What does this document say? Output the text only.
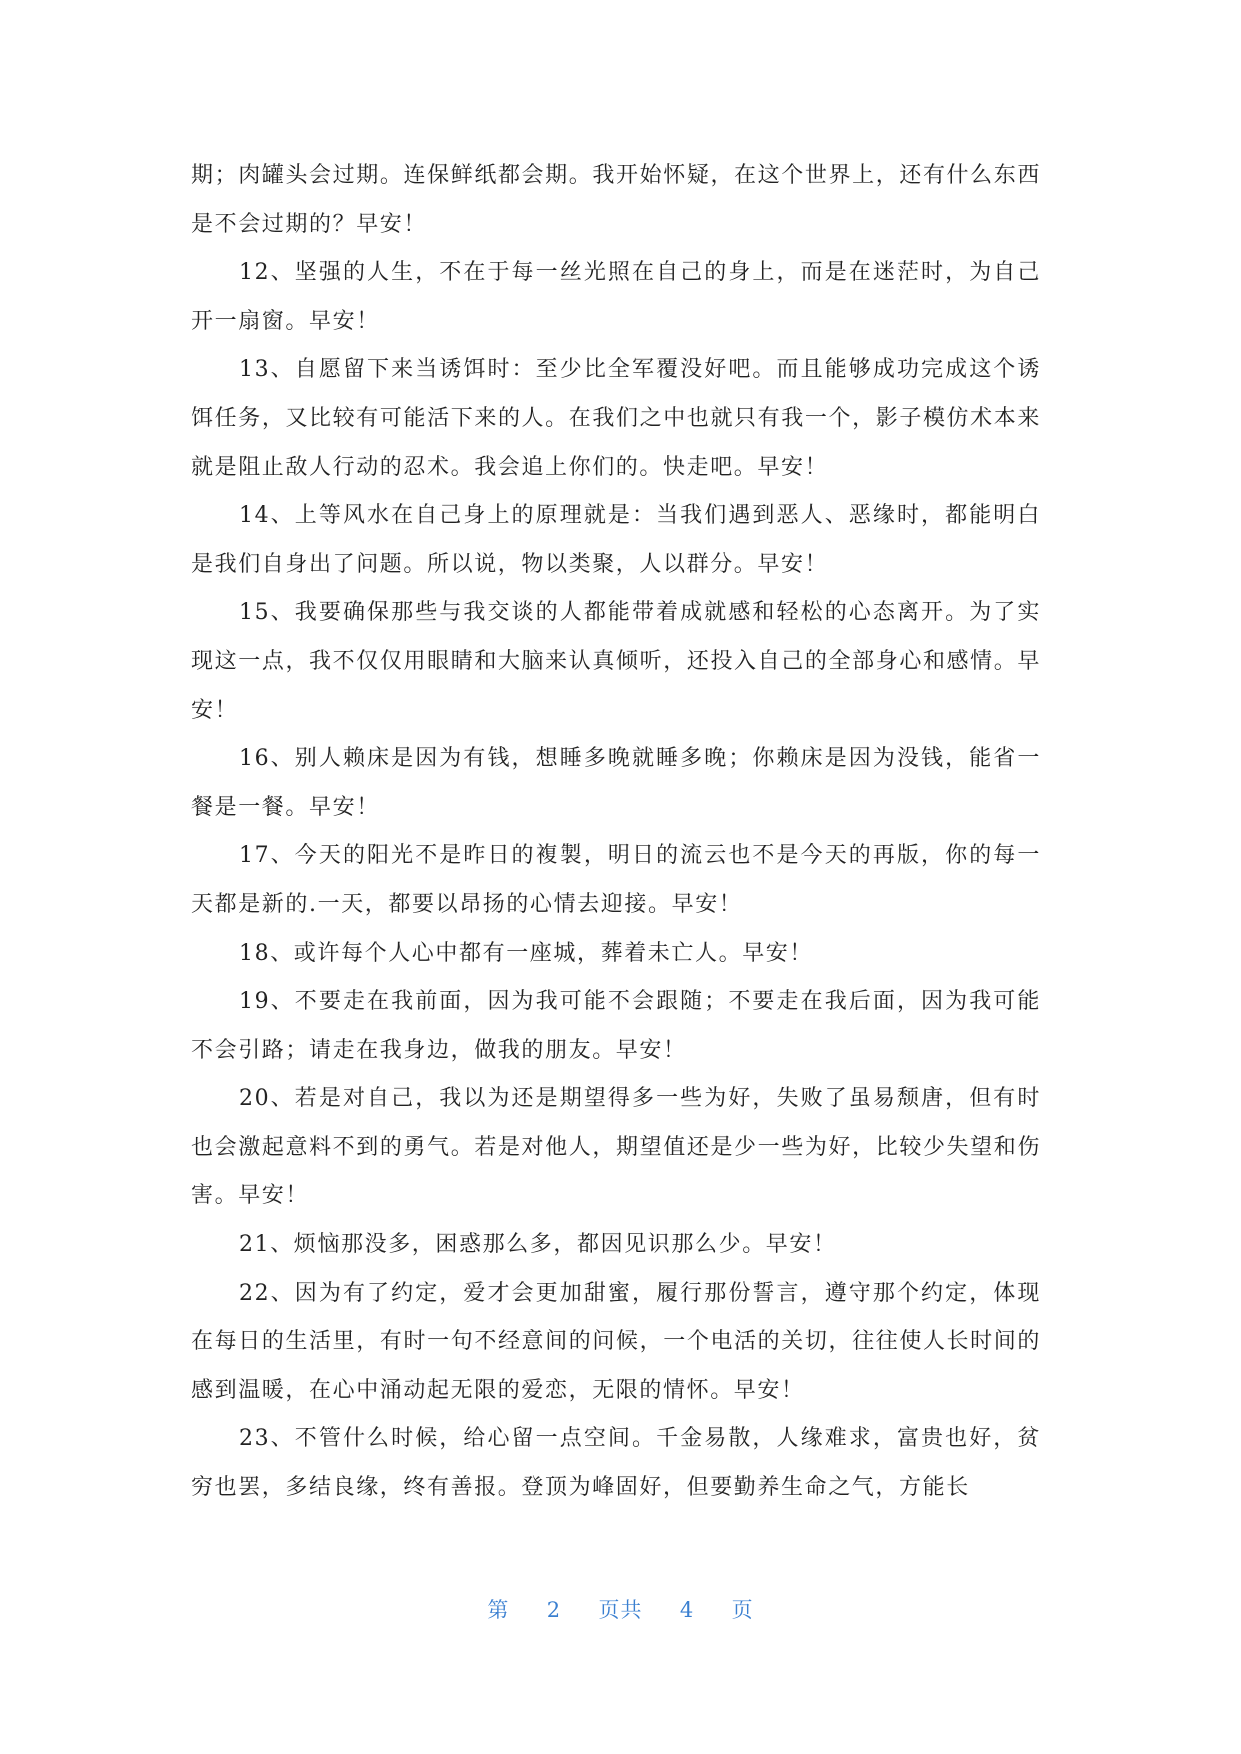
期；肉罐头会过期。连保鲜纸都会期。我开始怀疑，在这个世界上，还有什么东西是不会过期的？早安！

12、坚强的人生，不在于每一丝光照在自己的身上，而是在迷茫时，为自己开一扇窗。早安！

13、自愿留下来当诱饵时：至少比全军覆没好吧。而且能够成功完成这个诱饵任务，又比较有可能活下来的人。在我们之中也就只有我一个，影子模仿术本来就是阻止敌人行动的忍术。我会追上你们的。快走吧。早安！

14、上等风水在自己身上的原理就是：当我们遇到恶人、恶缘时，都能明白是我们自身出了问题。所以说，物以类聚，人以群分。早安！

15、我要确保那些与我交谈的人都能带着成就感和轻松的心态离开。为了实现这一点，我不仅仅用眼睛和大脑来认真倾听，还投入自己的全部身心和感情。早安！

16、别人赖床是因为有钱，想睡多晚就睡多晚；你赖床是因为没钱，能省一餐是一餐。早安！

17、今天的阳光不是昨日的複製，明日的流云也不是今天的再版，你的每一天都是新的.一天，都要以昂扬的心情去迎接。早安！

18、或许每个人心中都有一座城，葬着未亡人。早安！

19、不要走在我前面，因为我可能不会跟随；不要走在我后面，因为我可能不会引路；请走在我身边，做我的朋友。早安！

20、若是对自己，我以为还是期望得多一些为好，失败了虽易颓唐，但有时也会激起意料不到的勇气。若是对他人，期望值还是少一些为好，比较少失望和伤害。早安！

21、烦恼那没多，困惑那么多，都因见识那么少。早安！

22、因为有了约定，爱才会更加甜蜜，履行那份誓言，遵守那个约定，体现在每日的生活里，有时一句不经意间的问候，一个电活的关切，往往使人长时间的感到温暖，在心中涌动起无限的爱恋，无限的情怀。早安！

23、不管什么时候，给心留一点空间。千金易散，人缘难求，富贵也好，贫穷也罢，多结良缘，终有善报。登顶为峰固好，但要勤养生命之气，方能长

第 2 页共 4 页
